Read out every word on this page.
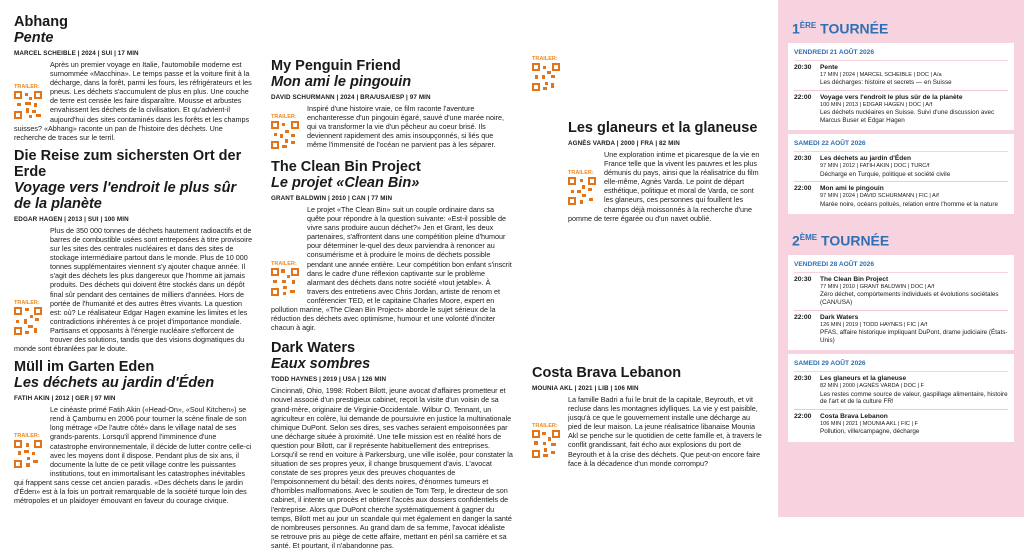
Abhang
Pente
MARCEL SCHEIBLE | 2024 | SUI | 17 MIN

TRAILER:
Après un premier voyage en Italie, l'automobile moderne est surnommée «Macchina». Le temps passe et la voiture finit à la décharge, dans la forêt, parmi les fours, les réfrigérateurs et les pneus. Les déchets s'accumulent de plus en plus. Une couche de terre est censée les faire disparaître. Mousse et arbustes envahissent les déchets de la civilisation. Et qu'advient-il aujourd'hui des sites contaminés dans les forêts et les champs suisses? «Abhang» raconte un pan de l'histoire des déchets. Une recherche de traces sur le terril.

Die Reise zum sichersten Ort der Erde
Voyage vers l'endroit le plus sûr de la planète
EDGAR HAGEN | 2013 | SUI | 100 MIN

TRAILER:
Plus de 350 000 tonnes de déchets hautement radioactifs et de barres de combustible usées sont entreposées à titre provisoire sur les sites des centrales nucléaires et dans des sites de stockage intermédiaire partout dans le monde. Plus de 10 000 tonnes supplémentaires viennent s'y ajouter chaque année. Il s'agit des déchets les plus dangereux que l'homme ait jamais produits. Des déchets qui doivent être stockés dans un dépôt final sûr pendant des centaines de milliers d'années. Hors de portée de l'humanité et des autres êtres vivants. La question est: où? Le réalisateur Edgar Hagen examine les limites et les contradictions inhérentes à ce projet d'importance mondiale. Partisans et opposants à l'énergie nucléaire s'efforcent de trouver des solutions, tandis que des visions dogmatiques du monde sont ébranlées par le doute.

Müll im Garten Eden
Les déchets au jardin d'Éden
FATIH AKIN | 2012 | GER | 97 MIN

TRAILER:
Le cinéaste primé Fatih Akin («Head-On», «Soul Kitchen») se rend à Çamburnu en 2006 pour tourner la scène finale de son long métrage «De l'autre côté» dans le village natal de ses grands-parents. Lorsqu'il apprend l'imminence d'une catastrophe environnementale, il décide de lutter contre celle-ci avec les moyens dont il dispose. Pendant plus de six ans, il documente la lutte de ce petit village contre les puissantes institutions, tout en immortalisant les catastrophes inévitables qui frappent sans cesse cet ancien paradis. «Des déchets dans le jardin d'Éden» est à la fois un portrait remarquable de la société turque loin des métropoles et un plaidoyer émouvant en faveur du courage civique.

My Penguin Friend
Mon ami le pingouin
DAVID SCHURMANN | 2024 | BRA/USA/ESP | 97 MIN

TRAILER:
Inspiré d'une histoire vraie, ce film raconte l'aventure enchanteresse d'un pingouin égaré, sauvé d'une marée noire, qui va transformer la vie d'un pêcheur au coeur brisé. Ils deviennent rapidement des amis insoupçonnés, si liés que même l'immensité de l'océan ne parvient pas à les séparer.

The Clean Bin Project
Le projet «Clean Bin»
GRANT BALDWIN | 2010 | CAN | 77 MIN

TRAILER:
Le projet «The Clean Bin» suit un couple ordinaire dans sa quête pour répondre à la question suivante: «Est-il possible de vivre sans produire aucun déchet?» Jen et Grant, les deux partenaires, s'affrontent dans une compétition pleine d'humour pour déterminer le-quel des deux parviendra à renoncer au consumérisme et à produire le moins de déchets possible pendant une année entière. Leur compétition bon enfant s'inscrit dans le cadre d'une réflexion captivante sur le problème alarmant des déchets dans notre société «tout jetable». À travers des entretiens avec Chris Jordan, artiste de renom et conférencier TED, et le capitaine Charles Moore, expert en pollution marine, «The Clean Bin Project» aborde le sujet sérieux de la réduction des déchets avec optimisme, humour et une volonté d'inciter chacun à agir.

Dark Waters
Eaux sombres
TODD HAYNES | 2019 | USA | 126 MIN

Cincinnati, Ohio, 1998: Robert Bilott, jeune avocat d'affaires prometteur et nouvel associé d'un prestigieux cabinet, reçoit la visite d'un voisin de sa grand-mère, originaire de Virginie-Occidentale. Wilbur O. Tennant, un agriculteur en colère, lui demande de poursuivre en justice la multinationale chimique DuPont. Selon ses dires, ses vaches seraient empoisonnées par une décharge située à proximité. Une telle mission est en réalité hors de question pour Bilott, car il représente habituellement des entreprises. Lorsqu'il se rend en voiture à Parkersburg, une ville isolée, pour constater la situation de ses propres yeux, il change brusquement d'avis. L'avocat constate de ses propres yeux des preuves choquantes de l'empoisonnement du bétail: des dents noires, d'énormes tumeurs et d'horribles malformations. Avec le soutien de Tom Terp, le directeur de son cabinet, il intente un procès et obtient l'accès aux dossiers confidentiels de l'entreprise. Alors que DuPont cherche systématiquement à gagner du temps, Bilott met au jour un scandale qui met également en danger la santé de nombreuses personnes. Au grand dam de sa femme, l'avocat idéaliste se retrouve pris au piège de cette affaire, mettant en péril sa carrière et sa santé. Et pourtant, il n'abandonne pas.

TRAILER:

Les glaneurs et la glaneuse
AGNÈS VARDA | 2000 | FRA | 82 MIN

TRAILER:
Une exploration intime et picaresque de la vie en France telle que la vivent les pauvres et les plus démunis du pays, ainsi que la réalisatrice du film elle-même, Agnès Varda. Le point de départ esthétique, politique et moral de Varda, ce sont les glaneurs, ces personnes qui fouillent les champs déjà moissonnés à la recherche d'une pomme de terre égarée ou d'un navet oublié.

Costa Brava Lebanon
MOUNIA AKL | 2021 | LIB | 106 MIN

TRAILER:
La famille Badri a fui le bruit de la capitale, Beyrouth, et vit recluse dans les montagnes idylliques. La vie y est paisible, jusqu'à ce que le gouvernement installe une décharge au pied de leur maison. La jeune réalisatrice libanaise Mounia Akl se penche sur le quotidien de cette famille et, à travers le conflit grandissant, fait écho aux explosions du port de Beyrouth et à la crise des déchets. Que peut-on encore faire face à la décadence d'un monde corrompu?

1ÈRE TOURNÉE
VENDREDI 21 AOÛT 2026
20:30	Pente
17 MIN | 2024 | MARCEL SCHEIBLE | DOC | A/a
Les décharges: histoire et secrets — en Suisse
22:00	Voyage vers l'endroit le plus sûr de la planète
100 MIN | 2013 | EDGAR HAGEN | DOC | A/f
Les déchets nucléaires en Suisse. Suivi d'une discussion avec Marcus Buser et Edgar Hagen
SAMEDI 22 AOÛT 2026
20:30	Les déchets au jardin d'Éden
97 MIN | 2012 | FATIH AKIN | DOC | TURC/f
Décharge en Turquie, politique et société civile
22:00	Mon ami le pingouin
97 MIN | 2024 | DAVID SCHURMANN | FIC | A/f
Marée noire, océans pollués, relation entre l'homme et la nature
2ÈME TOURNÉE
VENDREDI 28 AOÛT 2026
20:30	The Clean Bin Project
77 MIN | 2010 | GRANT BALDWIN | DOC | A/f
Zéro déchet, comportements individuels et évolutions sociétales (CAN/USA)
22:00	Dark Waters
126 MIN | 2019 | TODD HAYNES | FIC | A/f
PFAS, affaire historique impliquant DuPont, drame judiciaire (États-Unis)
SAMEDI 29 AOÛT 2026
20:30	Les glaneurs et la glaneuse
82 MIN | 2000 | AGNÈS VARDA | DOC | F
Les restes comme source de valeur, gaspillage alimentaire, histoire de l'art et de la culture FR!
22:00	Costa Brava Lebanon
106 MIN | 2021 | MOUNIA AKL | FIC | F
Pollution, ville/campagne, décharge
